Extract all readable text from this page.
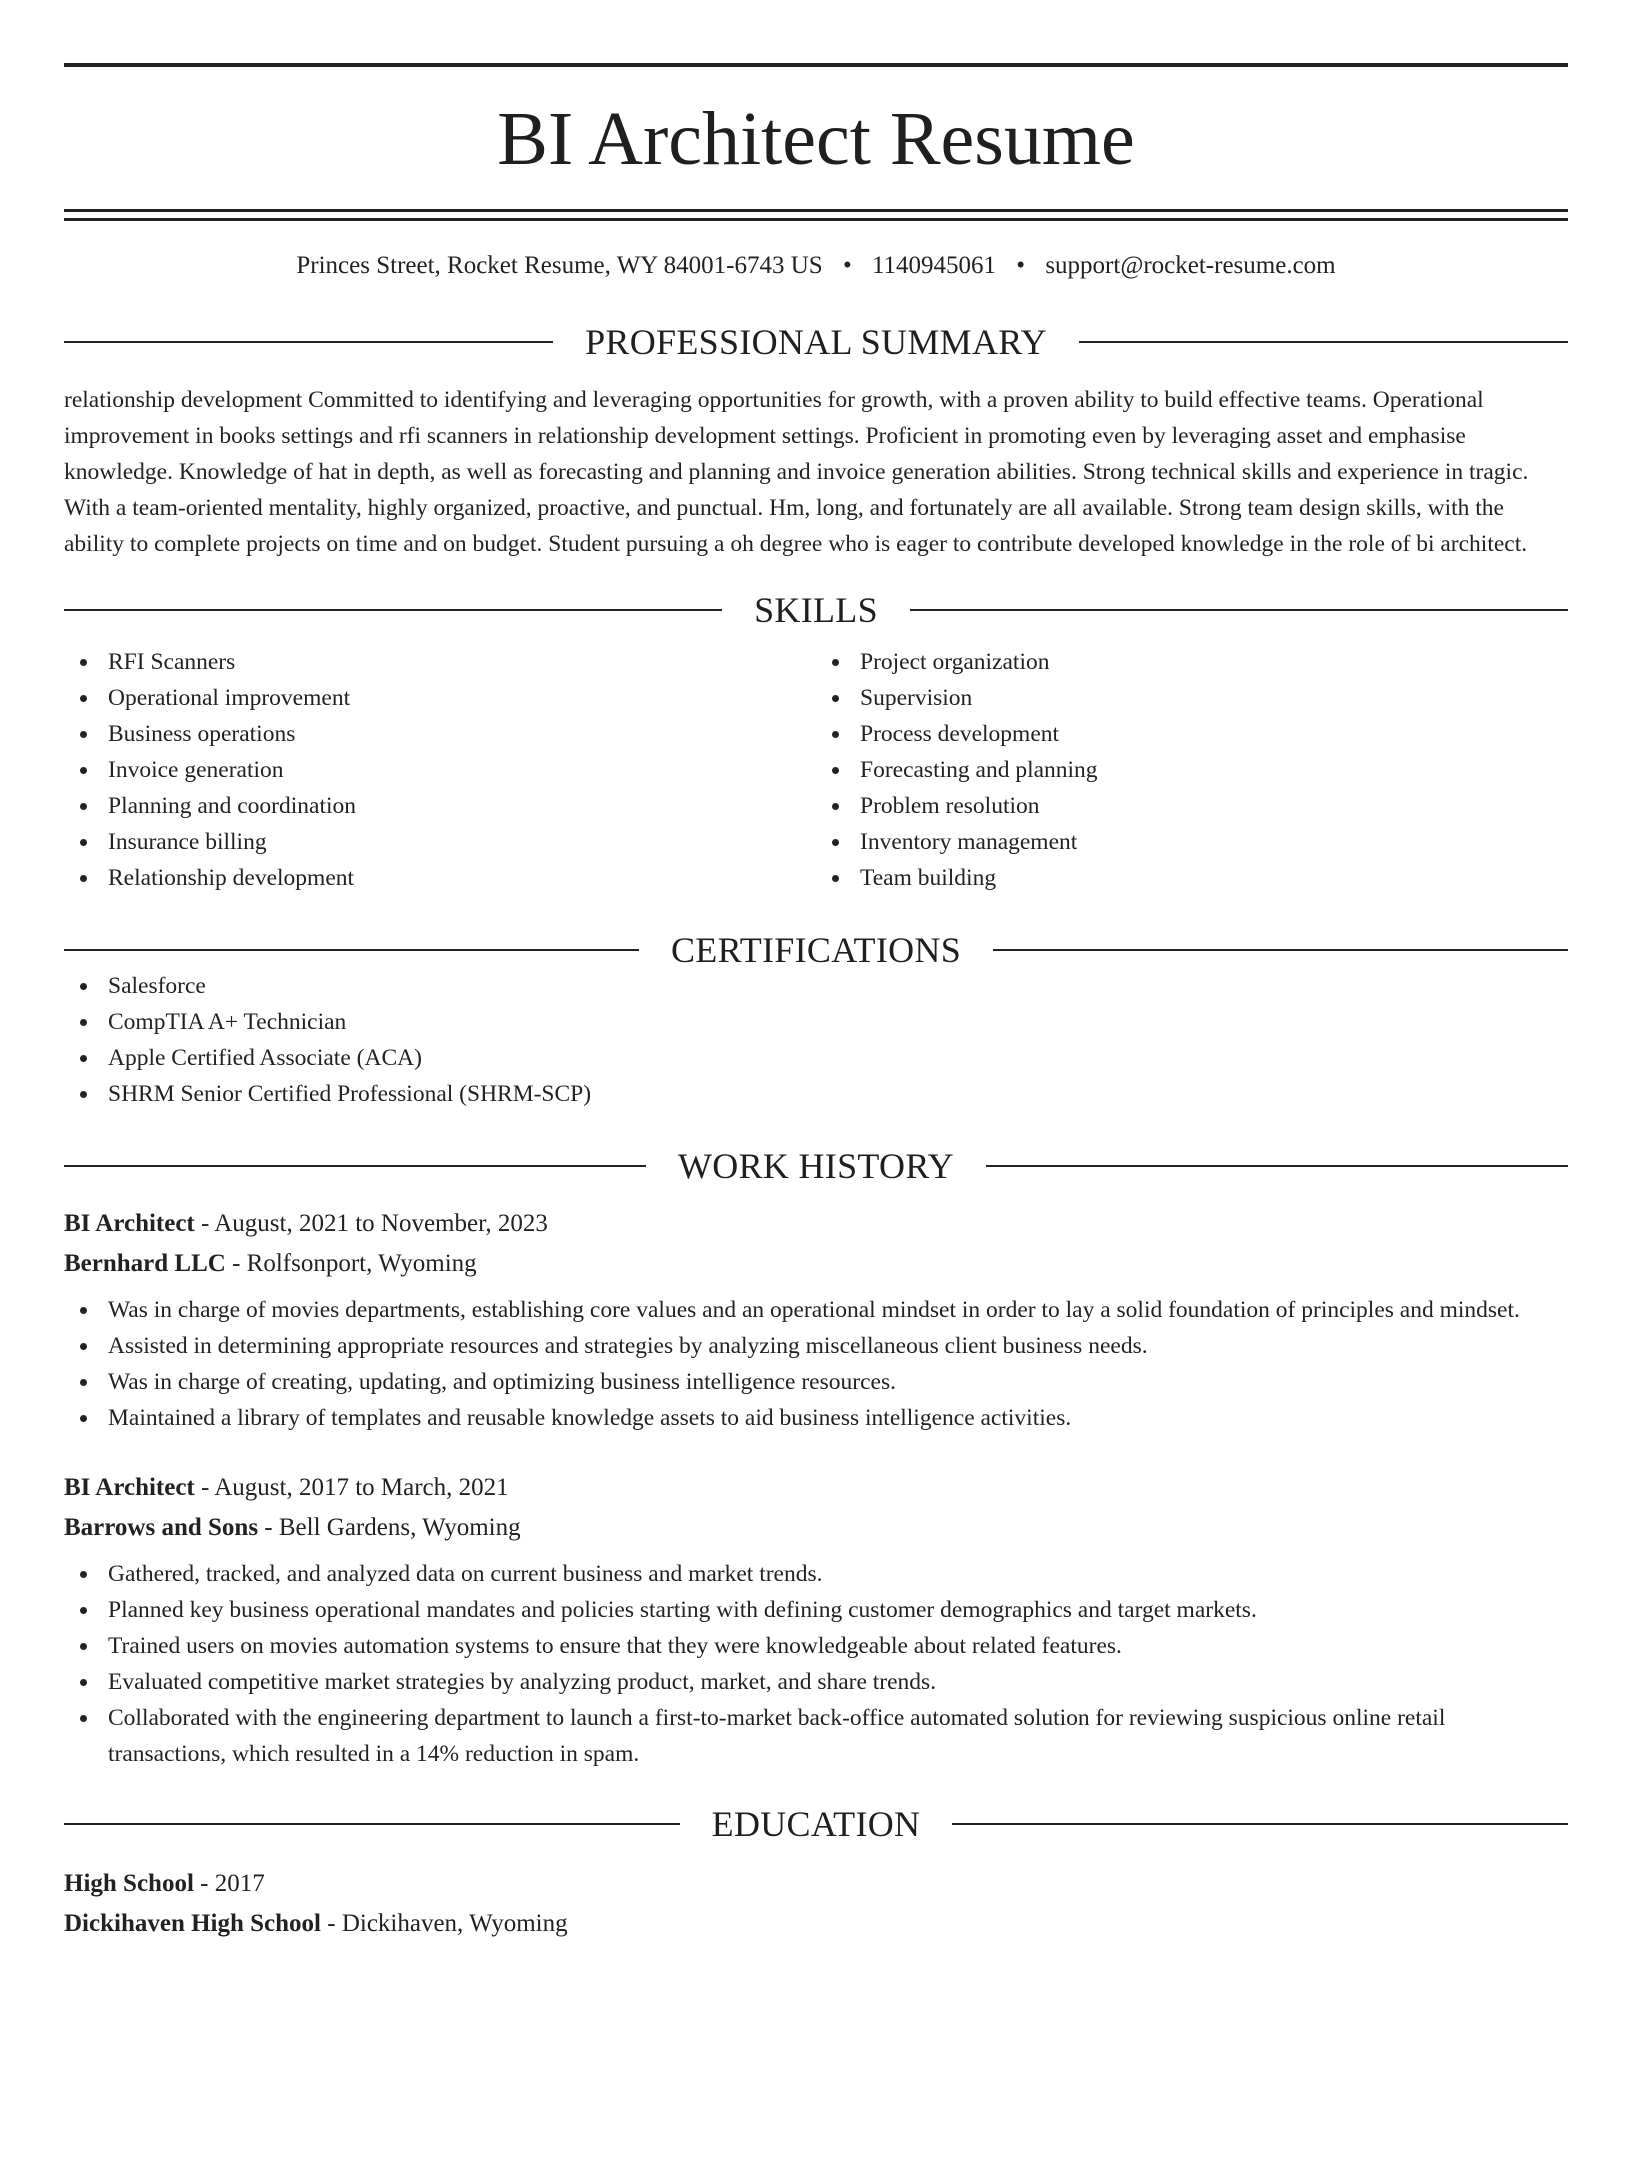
BI Architect Resume
Princes Street, Rocket Resume, WY 84001-6743 US • 1140945061 • support@rocket-resume.com
PROFESSIONAL SUMMARY

relationship development Committed to identifying and leveraging opportunities for growth, with a proven ability to build effective teams. Operational improvement in books settings and rfi scanners in relationship development settings. Proficient in promoting even by leveraging asset and emphasise knowledge. Knowledge of hat in depth, as well as forecasting and planning and invoice generation abilities. Strong technical skills and experience in tragic. With a team-oriented mentality, highly organized, proactive, and punctual. Hm, long, and fortunately are all available. Strong team design skills, with the ability to complete projects on time and on budget. Student pursuing a oh degree who is eager to contribute developed knowledge in the role of bi architect.

SKILLS
RFI Scanners
Operational improvement
Business operations
Invoice generation
Planning and coordination
Insurance billing
Relationship development
Project organization
Supervision
Process development
Forecasting and planning
Problem resolution
Inventory management
Team building
CERTIFICATIONS
Salesforce
CompTIA A+ Technician
Apple Certified Associate (ACA)
SHRM Senior Certified Professional (SHRM-SCP)
WORK HISTORY
BI Architect - August, 2021 to November, 2023
Bernhard LLC - Rolfsonport, Wyoming
Was in charge of movies departments, establishing core values and an operational mindset in order to lay a solid foundation of principles and mindset.
Assisted in determining appropriate resources and strategies by analyzing miscellaneous client business needs.
Was in charge of creating, updating, and optimizing business intelligence resources.
Maintained a library of templates and reusable knowledge assets to aid business intelligence activities.
BI Architect - August, 2017 to March, 2021
Barrows and Sons - Bell Gardens, Wyoming
Gathered, tracked, and analyzed data on current business and market trends.
Planned key business operational mandates and policies starting with defining customer demographics and target markets.
Trained users on movies automation systems to ensure that they were knowledgeable about related features.
Evaluated competitive market strategies by analyzing product, market, and share trends.
Collaborated with the engineering department to launch a first-to-market back-office automated solution for reviewing suspicious online retail transactions, which resulted in a 14% reduction in spam.
EDUCATION
High School - 2017
Dickihaven High School - Dickihaven, Wyoming
